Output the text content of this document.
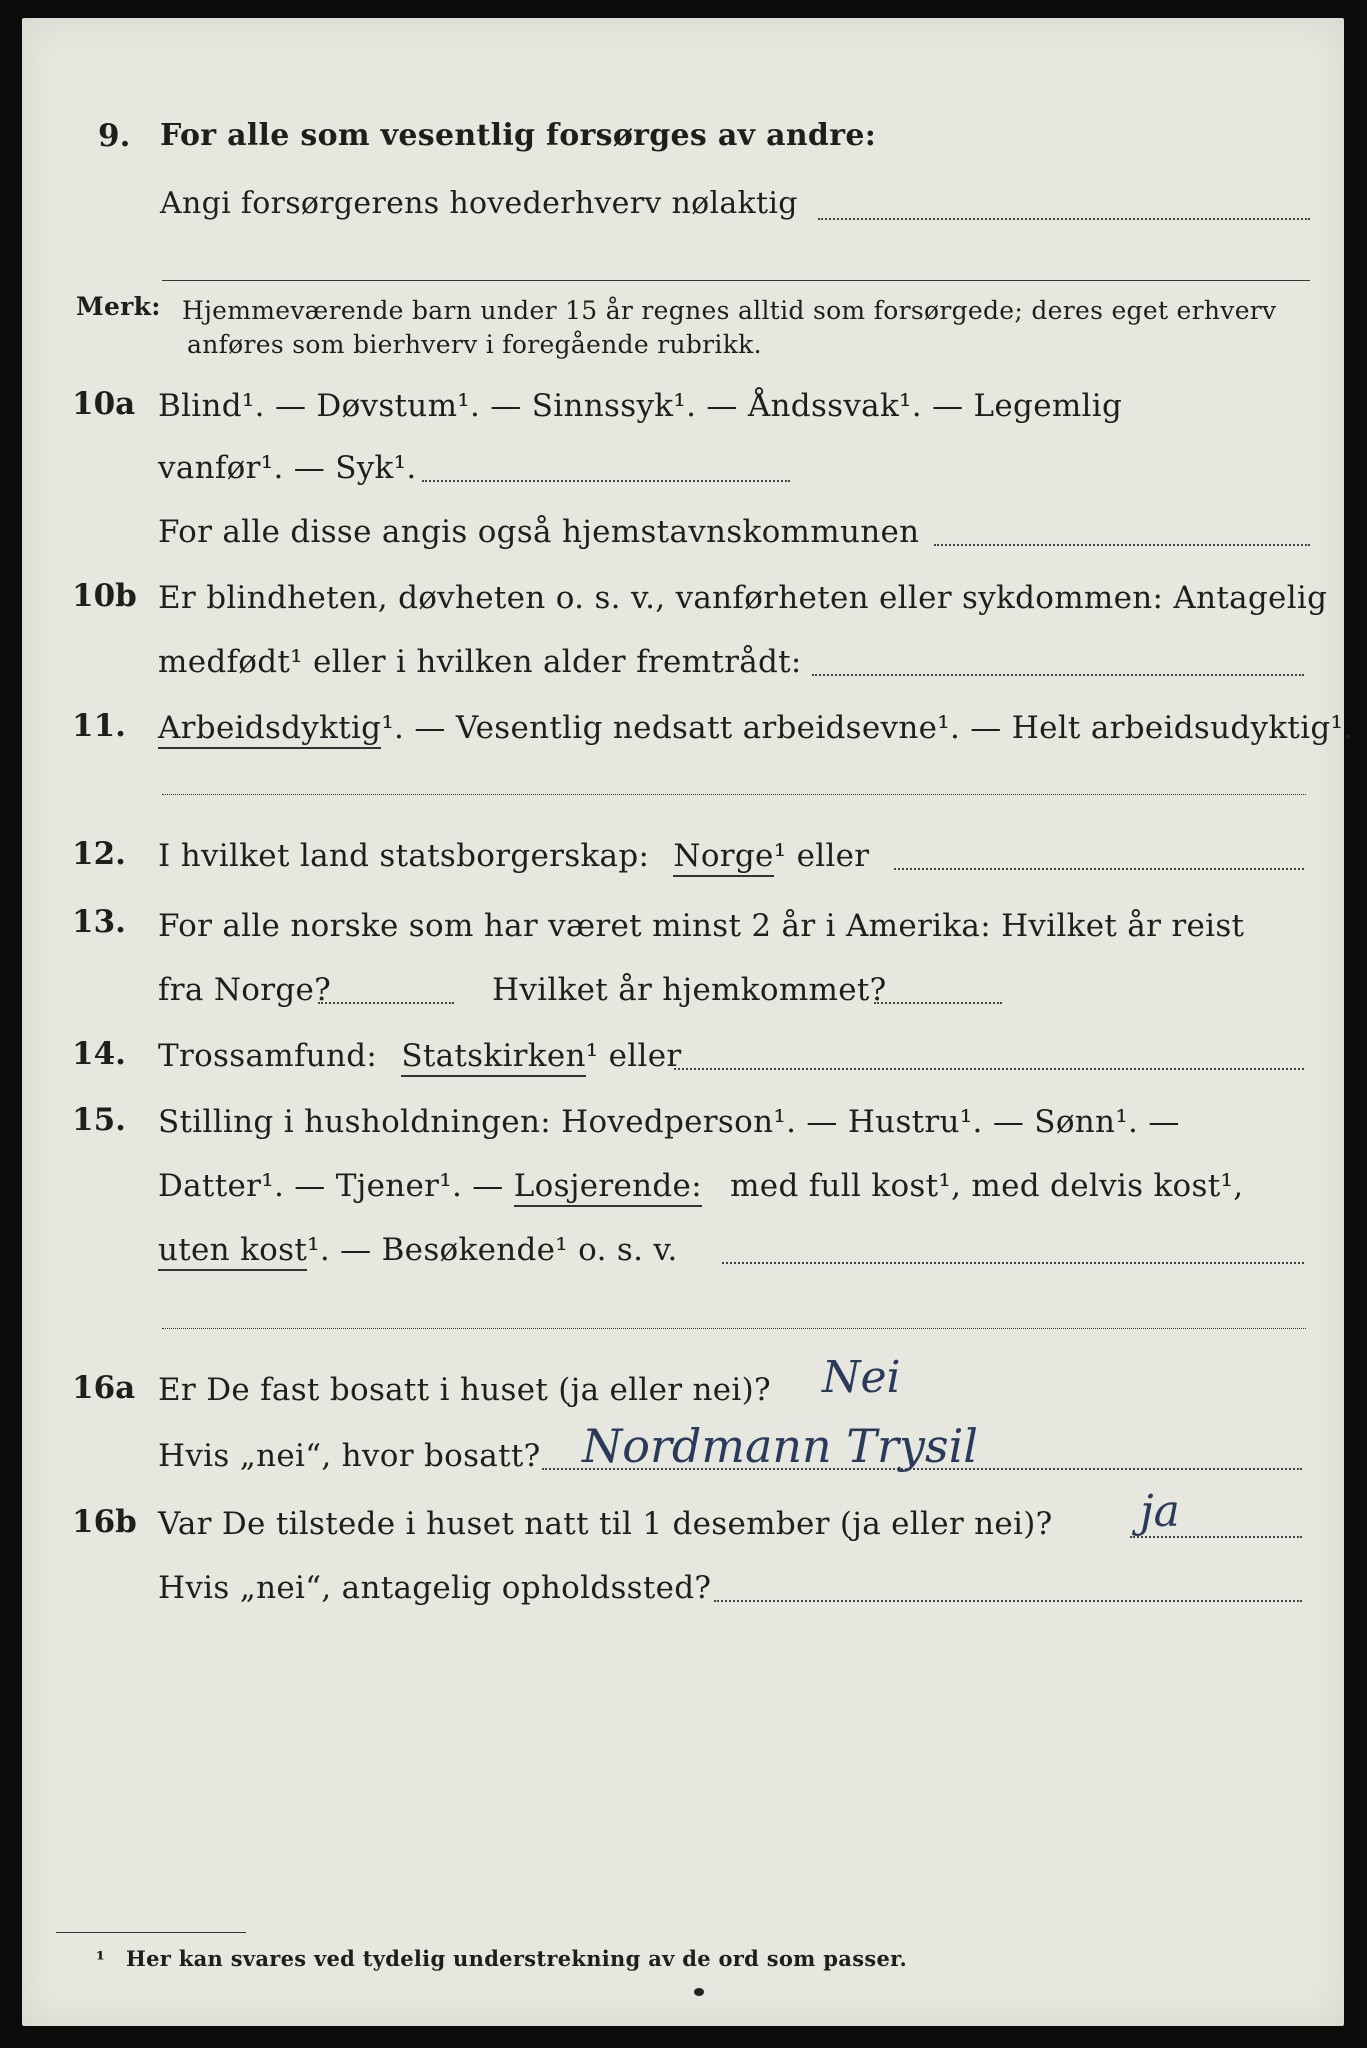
9. For alle som vesentlig forsørges av andre:
Angi forsørgerens hovederhverv nølaktig
Merk: Hjemmeværende barn under 15 år regnes alltid som forsørgede; deres eget erhverv
anføres som bierhverv i foregående rubrikk.
10a Blind¹. — Døvstum¹. — Sinnssyk¹. — Åndssvak¹. — Legemlig
vanfør¹. — Syk¹.
For alle disse angis også hjemstavnskommunen
10b Er blindheten, døvheten o. s. v., vanførheten eller sykdommen: Antagelig
medfødt¹ eller i hvilken alder fremtrådt:
11. Arbeidsdyktig¹. — Vesentlig nedsatt arbeidsevne¹. — Helt arbeidsudyktig¹.
12. I hvilket land statsborgerskap: Norge¹ eller
13. For alle norske som har været minst 2 år i Amerika: Hvilket år reist
fra Norge?	Hvilket år hjemkommet?
14. Trossamfund: Statskirken¹ eller
15. Stilling i husholdningen: Hovedperson¹. — Hustru¹. — Sønn¹. —
Datter¹. — Tjener¹. — Losjerende: med full kost¹, med delvis kost¹,
uten kost¹. — Besøkende¹ o. s. v.
16a Er De fast bosatt i huset (ja eller nei)? Nei
Hvis „nei“, hvor bosatt? Nordmann Trysil
16b Var De tilstede i huset natt til 1 desember (ja eller nei)? ja
Hvis „nei“, antagelig opholdssted?
¹ Her kan svares ved tydelig understrekning av de ord som passer.
